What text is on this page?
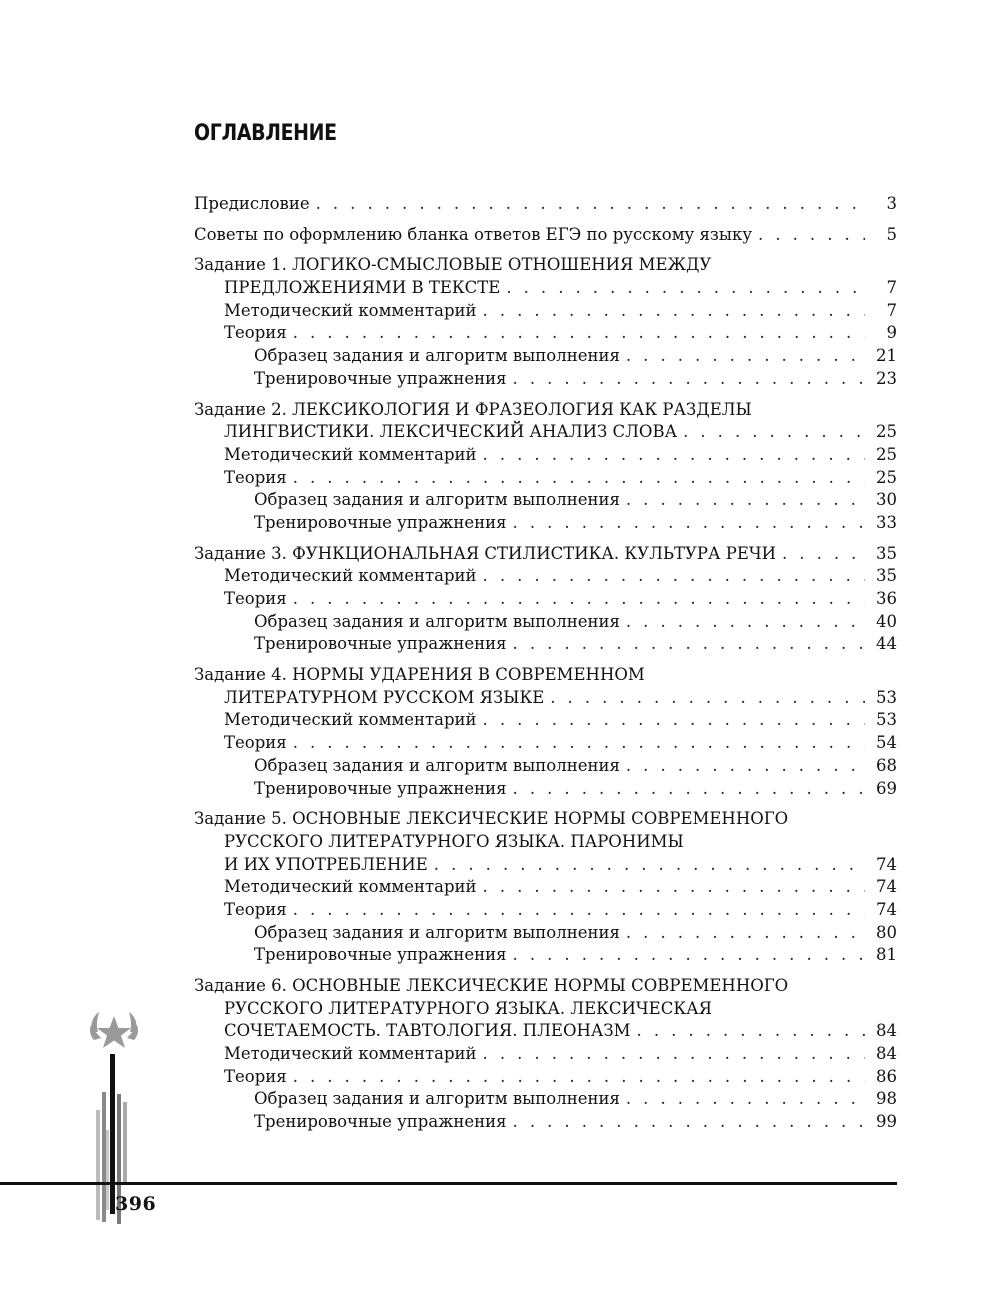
ОГЛАВЛЕНИЕ
Предисловие . . .	3
Советы по оформлению бланка ответов ЕГЭ по русскому языку . . .	5
Задание 1. ЛОГИКО-СМЫСЛОВЫЕ ОТНОШЕНИЯ МЕЖДУ
ПРЕДЛОЖЕНИЯМИ В ТЕКСТЕ . . .	7
Методический комментарий . . .	7
Теория . . .	9
Образец задания и алгоритм выполнения . . .	21
Тренировочные упражнения . . .	23
Задание 2. ЛЕКСИКОЛОГИЯ И ФРАЗЕОЛОГИЯ КАК РАЗДЕЛЫ
ЛИНГВИСТИКИ. ЛЕКСИЧЕСКИЙ АНАЛИЗ СЛОВА . . .	25
Методический комментарий . . .	25
Теория . . .	25
Образец задания и алгоритм выполнения . . .	30
Тренировочные упражнения . . .	33
Задание 3. ФУНКЦИОНАЛЬНАЯ СТИЛИСТИКА. КУЛЬТУРА РЕЧИ . . .	35
Методический комментарий . . .	35
Теория . . .	36
Образец задания и алгоритм выполнения . . .	40
Тренировочные упражнения . . .	44
Задание 4. НОРМЫ УДАРЕНИЯ В СОВРЕМЕННОМ
ЛИТЕРАТУРНОМ РУССКОМ ЯЗЫКЕ . . .	53
Методический комментарий . . .	53
Теория . . .	54
Образец задания и алгоритм выполнения . . .	68
Тренировочные упражнения . . .	69
Задание 5. ОСНОВНЫЕ ЛЕКСИЧЕСКИЕ НОРМЫ СОВРЕМЕННОГО
РУССКОГО ЛИТЕРАТУРНОГО ЯЗЫКА. ПАРОНИМЫ
И ИХ УПОТРЕБЛЕНИЕ . . .	74
Методический комментарий . . .	74
Теория . . .	74
Образец задания и алгоритм выполнения . . .	80
Тренировочные упражнения . . .	81
Задание 6. ОСНОВНЫЕ ЛЕКСИЧЕСКИЕ НОРМЫ СОВРЕМЕННОГО
РУССКОГО ЛИТЕРАТУРНОГО ЯЗЫКА. ЛЕКСИЧЕСКАЯ
СОЧЕТАЕМОСТЬ. ТАВТОЛОГИЯ. ПЛЕОНАЗМ . . .	84
Методический комментарий . . .	84
Теория . . .	86
Образец задания и алгоритм выполнения . . .	98
Тренировочные упражнения . . .	99
396
